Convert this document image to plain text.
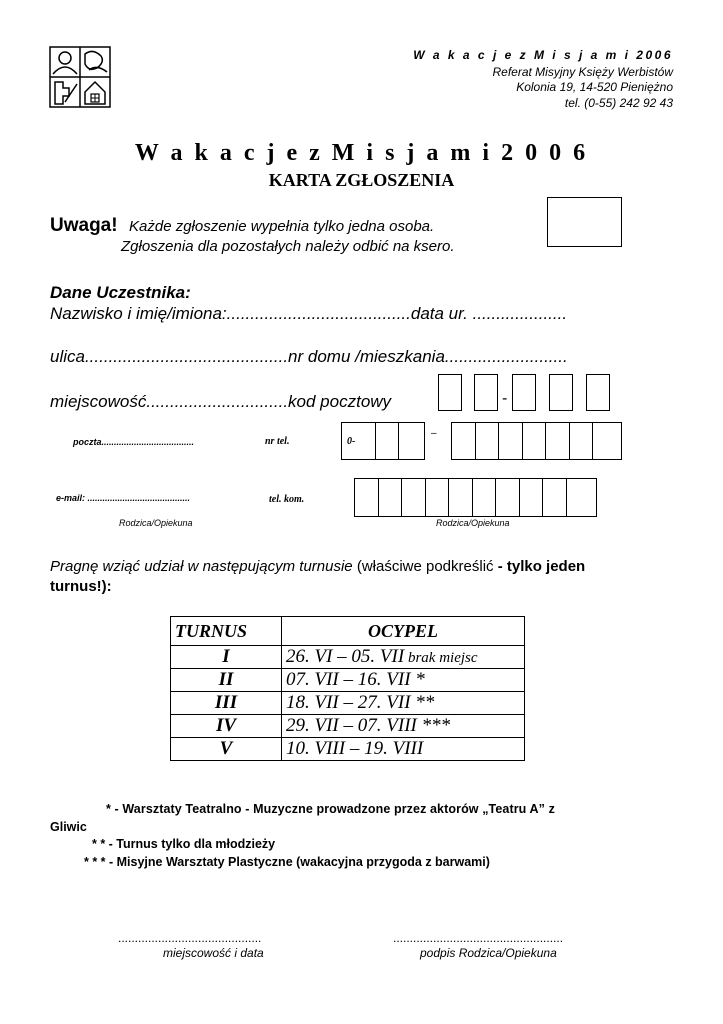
W a k a c j e z M i s j a m i 2006
Referat Misyjny Księży Werbistów
Kolonia 19, 14-520 Pieniężno
tel. (0-55) 242 92 43
W a k a c j e z M i s j a m i 2 0 0 6
KARTA ZGŁOSZENIA
Uwaga! Każde zgłoszenie wypełnia tylko jedna osoba.
Zgłoszenia dla pozostałych należy odbić na ksero.
Dane Uczestnika:
Nazwisko i imię/imiona:.......................................data ur. ....................
ulica...........................................nr domu /mieszkania..........................
miejscowość..............................kod pocztowy	-
poczta.....................................	nr tel.	0-
–
e-mail: .........................................	tel. kom.
Rodzica/Opiekuna	Rodzica/Opiekuna
Pragnę wziąć udział w następującym turnusie (właściwe podkreślić - tylko jeden
turnus!):
TURNUS	OCYPEL
I	26. VI – 05. VII brak miejsc
II	07. VII – 16. VII *
III	18. VII – 27. VII **
IV	29. VII – 07. VIII ***
V	10. VIII – 19. VIII
* - Warsztaty Teatralno - Muzyczne prowadzone przez aktorów „Teatru A” z
Gliwic
* * - Turnus tylko dla młodzieży
* * * - Misyjne Warsztaty Plastyczne (wakacyjna przygoda z barwami)
...........................................	...................................................
miejscowość i data	podpis Rodzica/Opiekuna
